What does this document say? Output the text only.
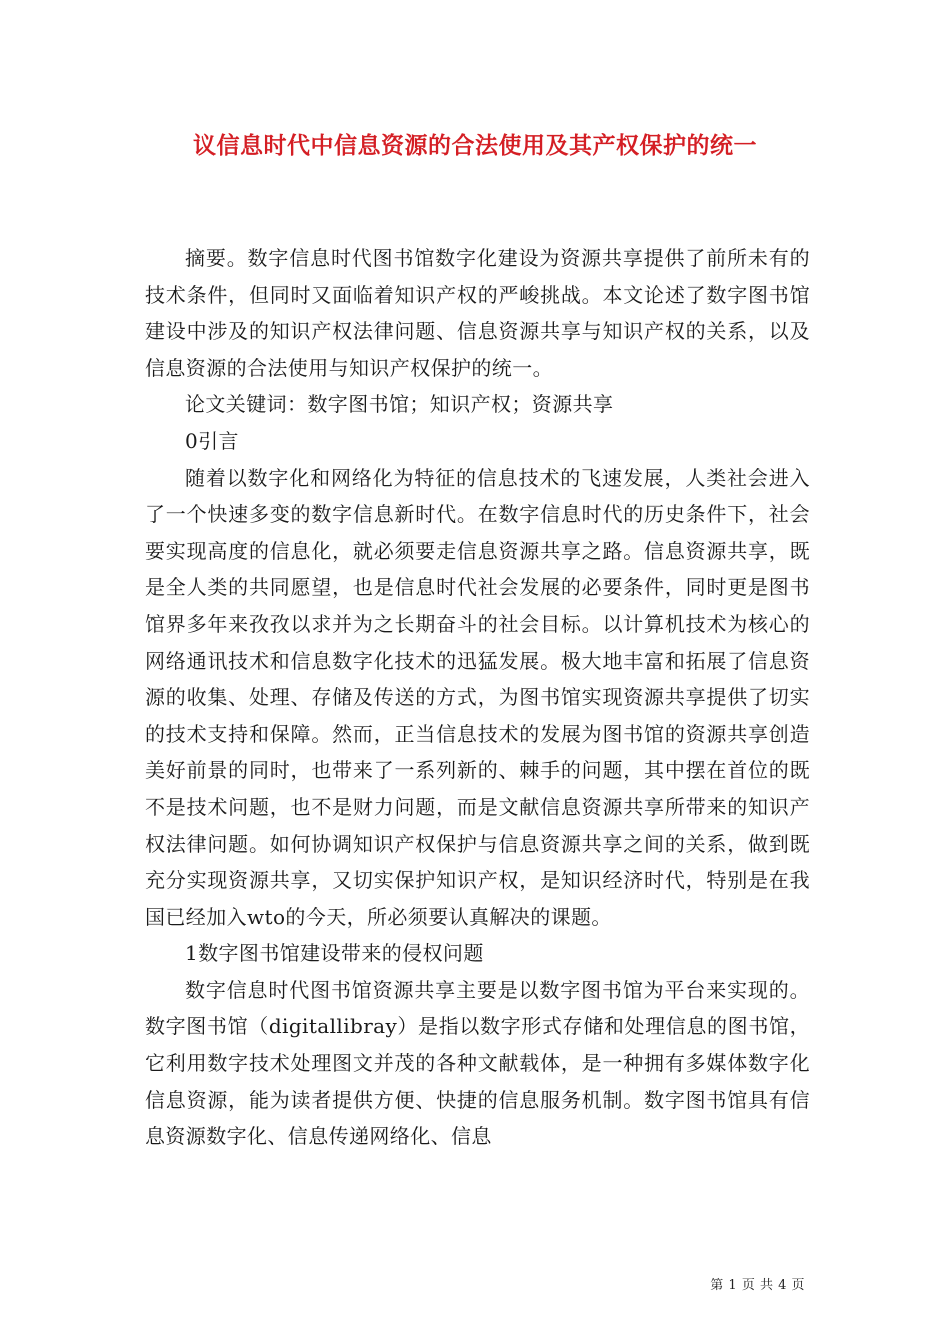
议信息时代中信息资源的合法使用及其产权保护的统一

摘要。数字信息时代图书馆数字化建设为资源共享提供了前所未有的技术条件，但同时又面临着知识产权的严峻挑战。本文论述了数字图书馆建设中涉及的知识产权法律问题、信息资源共享与知识产权的关系，以及信息资源的合法使用与知识产权保护的统一。

论文关键词：数字图书馆；知识产权；资源共享

0引言

随着以数字化和网络化为特征的信息技术的飞速发展，人类社会进入了一个快速多变的数字信息新时代。在数字信息时代的历史条件下，社会要实现高度的信息化，就必须要走信息资源共享之路。信息资源共享，既是全人类的共同愿望，也是信息时代社会发展的必要条件，同时更是图书馆界多年来孜孜以求并为之长期奋斗的社会目标。以计算机技术为核心的网络通讯技术和信息数字化技术的迅猛发展。极大地丰富和拓展了信息资源的收集、处理、存储及传送的方式，为图书馆实现资源共享提供了切实的技术支持和保障。然而，正当信息技术的发展为图书馆的资源共享创造美好前景的同时，也带来了一系列新的、棘手的问题，其中摆在首位的既不是技术问题，也不是财力问题，而是文献信息资源共享所带来的知识产权法律问题。如何协调知识产权保护与信息资源共享之间的关系，做到既充分实现资源共享，又切实保护知识产权，是知识经济时代，特别是在我国已经加入wto的今天，所必须要认真解决的课题。

1数字图书馆建设带来的侵权问题

数字信息时代图书馆资源共享主要是以数字图书馆为平台来实现的。数字图书馆（digitallibray）是指以数字形式存储和处理信息的图书馆，它利用数字技术处理图文并茂的各种文献载体，是一种拥有多媒体数字化信息资源，能为读者提供方便、快捷的信息服务机制。数字图书馆具有信息资源数字化、信息传递网络化、信息

第 1 页 共 4 页
